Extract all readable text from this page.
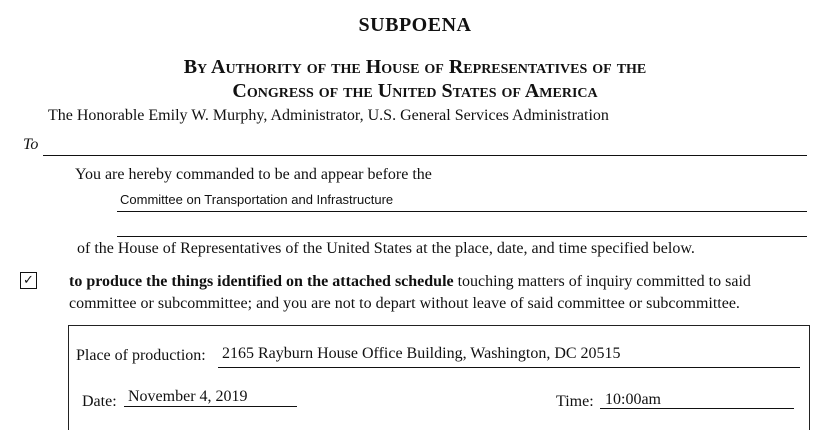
SUBPOENA
By Authority of the House of Representatives of the
Congress of the United States of America
The Honorable Emily W. Murphy, Administrator, U.S. General Services Administration
To
You are hereby commanded to be and appear before the
Committee on Transportation and Infrastructure
of the House of Representatives of the United States at the place, date, and time specified below.
✓ to produce the things identified on the attached schedule touching matters of inquiry committed to said
committee or subcommittee; and you are not to depart without leave of said committee or subcommittee.
Place of production: 2165 Rayburn House Office Building, Washington, DC 20515
Date: November 4, 2019	Time: 10:00am
